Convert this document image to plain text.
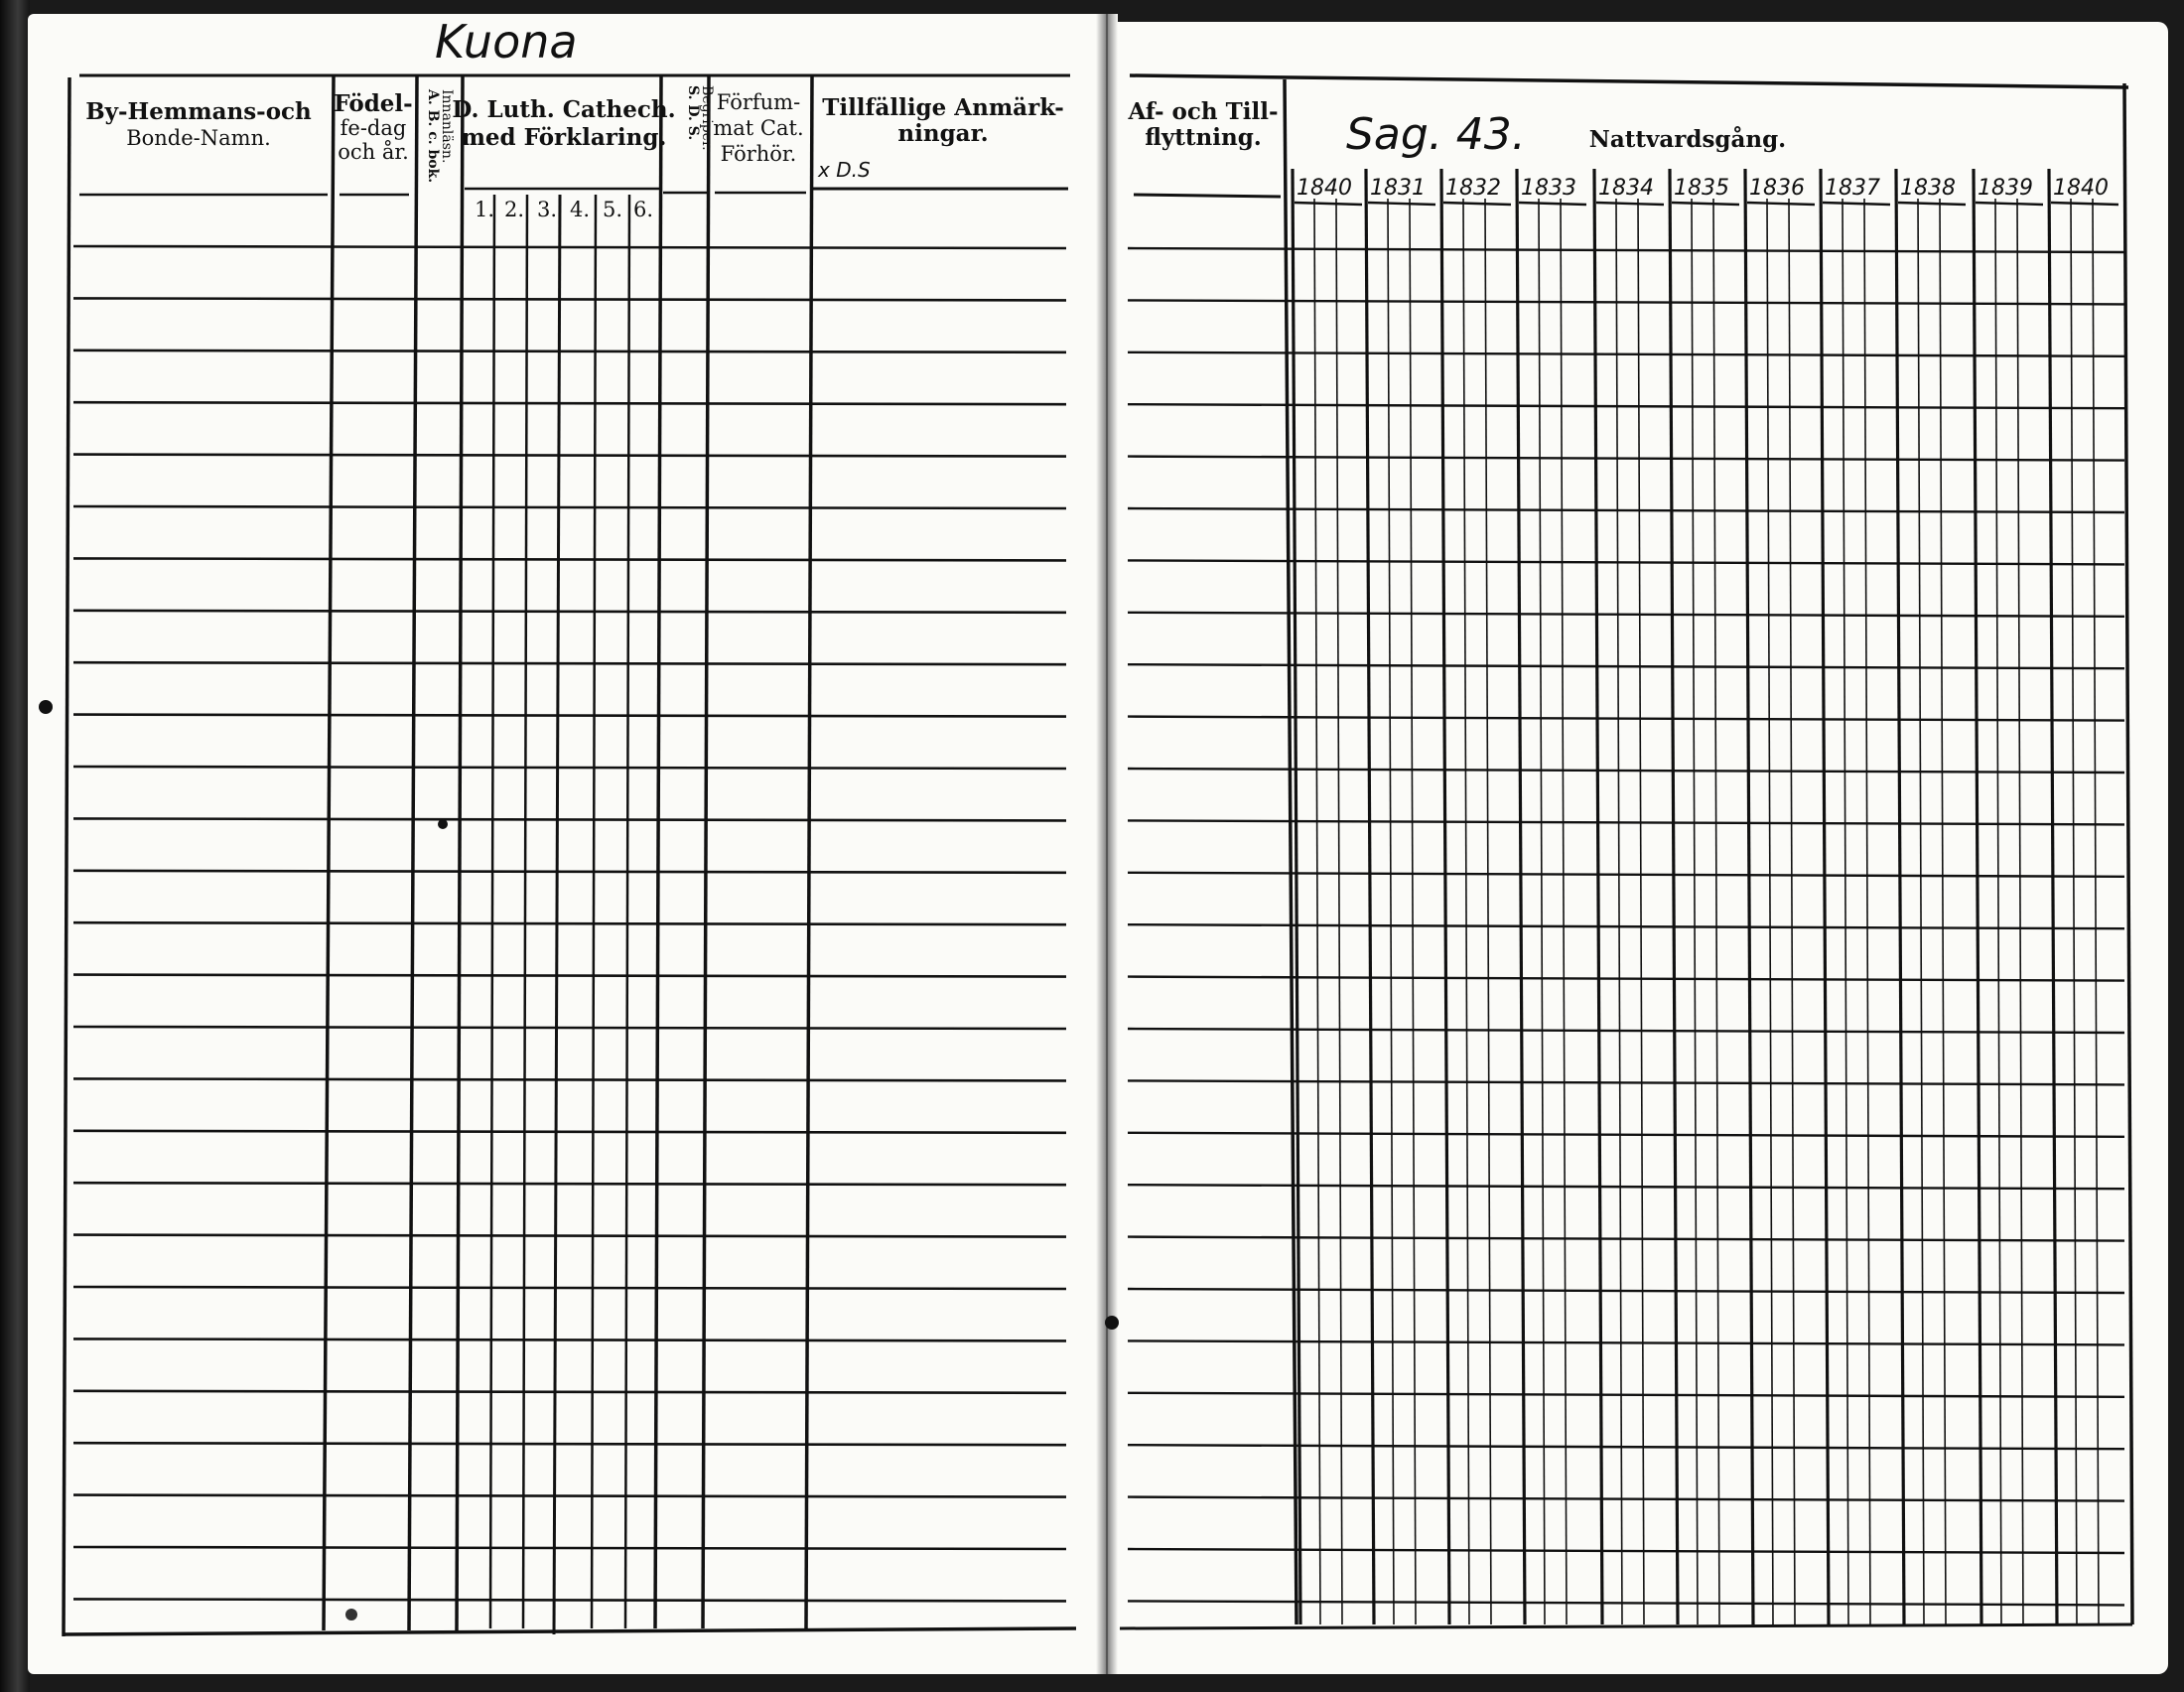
Kuona
By-Hemmans-och
Bonde-Namn.
Födel-
fe-dag
och år. A. B. c. bok.
Innanläsn.
D. Luth. Cathech.
med Förklaring.
1. 2. 3. 4. 5. 6.
S. D. S.
Begriper. Förfum-
mat Cat.
Förhör.
Tillfällige Anmärk-
ningar.
x D.S
Af- och Till-
flyttning.	Nattvardsgång.
Sag. 43.
1840 1831 1832 1833 1834 1835 1836 1837 1838 1839 1840
